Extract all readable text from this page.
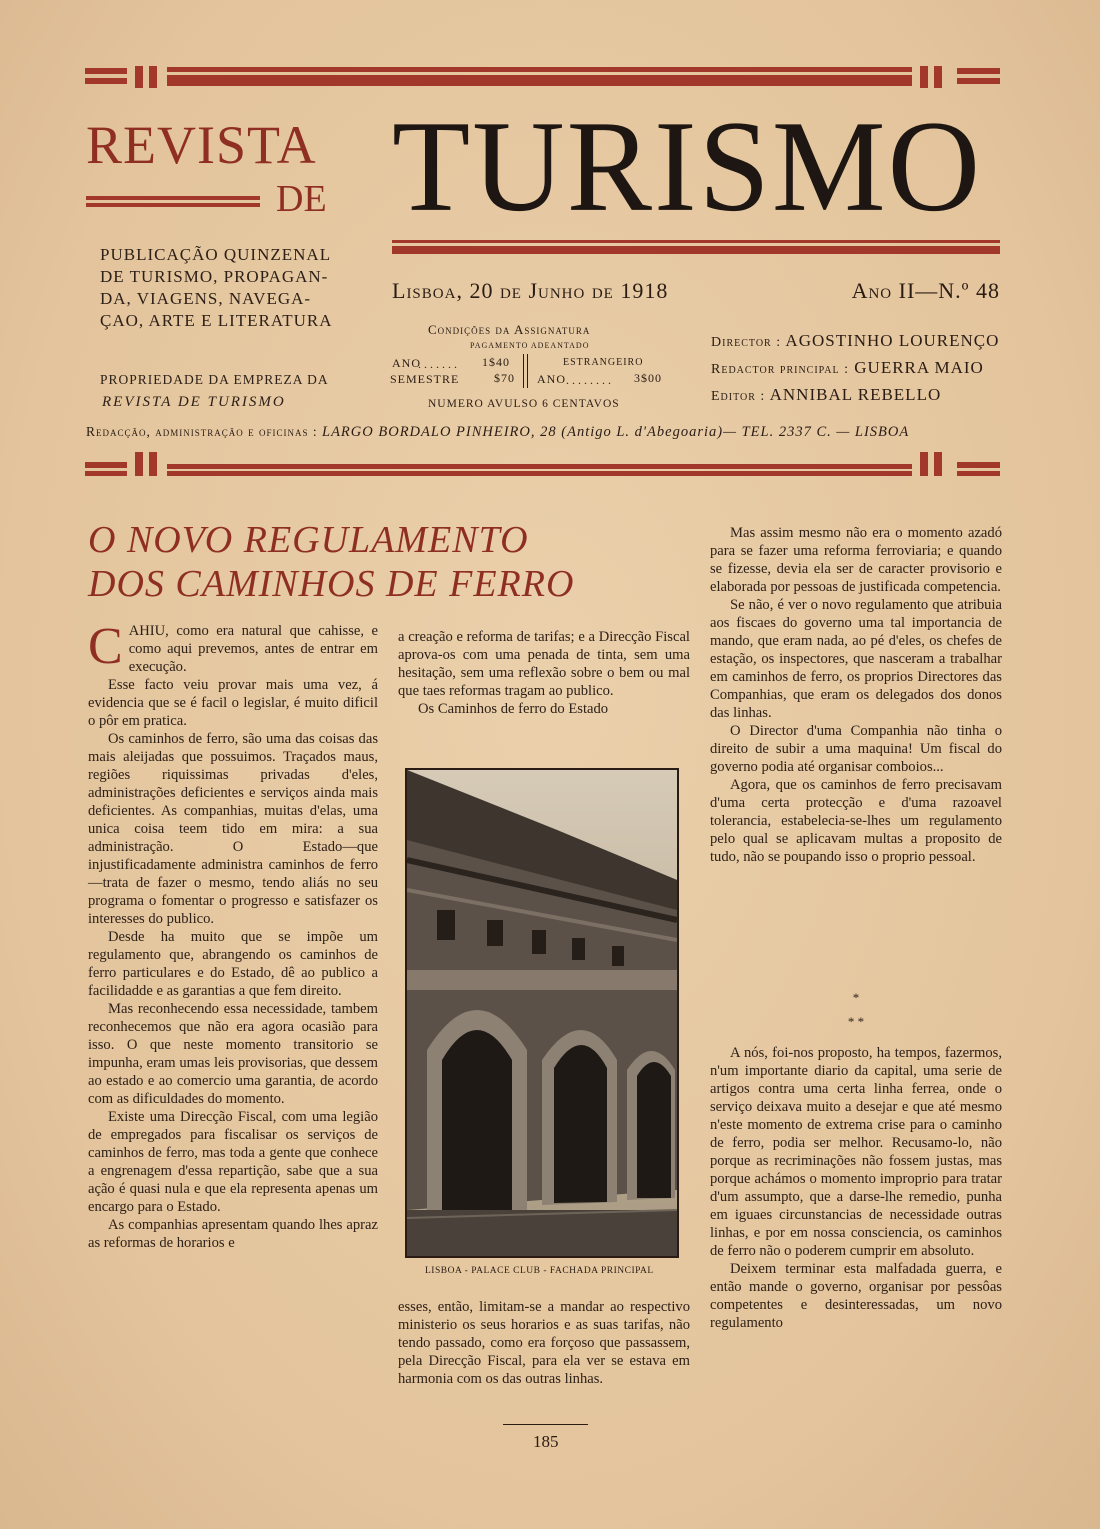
REVISTA
DE TURISMO
PUBLICAÇÃO QUINZENAL
DE TURISMO, PROPAGAN-
DA, VIAGENS, NAVEGA-
ÇAO, ARTE E LITERATURA
PROPRIEDADE DA EMPREZA DA
REVISTA DE TURISMO
Lisboa, 20 de Junho de 1918	Ano II—N.º 48
Condições da Assignatura
PAGAMENTO ADEANTADO
ANO
....... 1$40
SEMESTRE	$70
ESTRANGEIRO
ANO ........ 3$00
NUMERO AVULSO 6 CENTAVOS
Director : AGOSTINHO LOURENÇO
Redactor principal : GUERRA MAIO
Editor : ANNIBAL REBELLO
Redacção, administração e oficinas : LARGO BORDALO PINHEIRO, 28 (Antigo L. d'Abegoaria)— TEL. 2337 C. — LISBOA
O NOVO REGULAMENTO
DOS CAMINHOS DE FERRO
C AHIU, como era natural que cahisse, e como aqui prevemos, antes de entrar em execução.

Esse facto veiu provar mais uma vez, á evidencia que se é facil o legislar, é muito dificil o pôr em pratica.

Os caminhos de ferro, são uma das coisas das mais aleijadas que possuimos. Traçados maus, regiões riquissimas privadas d'eles, administrações deficientes e serviços ainda mais deficientes. As companhias, muitas d'elas, uma unica coisa teem tido em mira: a sua administração. O Estado—que injustificadamente administra caminhos de ferro—trata de fazer o mesmo, tendo aliás no seu programa o fomentar o progresso e satisfazer os interesses do publico.

Desde ha muito que se impõe um regulamento que, abrangendo os caminhos de ferro particulares e do Estado, dê ao publico a facilidadde e as garantias a que fem direito.

Mas reconhecendo essa necessidade, tambem reconhecemos que não era agora ocasião para isso. O que neste momento transitorio se impunha, eram umas leis provisorias, que dessem ao estado e ao comercio uma garantia, de acordo com as dificuldades do momento.

Existe uma Direcção Fiscal, com uma legião de empregados para fiscalisar os serviços de caminhos de ferro, mas toda a gente que conhece a engrenagem d'essa repartição, sabe que a sua ação é quasi nula e que ela representa apenas um encargo para o Estado.

As companhias apresentam quando lhes apraz as reformas de horarios e

a creação e reforma de tarifas; e a Direcção Fiscal aprova-os com uma penada de tinta, sem uma hesitação, sem uma reflexão sobre o bem ou mal que taes reformas tragam ao publico.

Os Caminhos de ferro do Estado

LISBOA - PALACE CLUB - FACHADA PRINCIPAL

esses, então, limitam-se a mandar ao respectivo ministerio os seus horarios e as suas tarifas, não tendo passado, como era forçoso que passassem, pela Direcção Fiscal, para ela ver se estava em harmonia com os das outras linhas.

Mas assim mesmo não era o momento azadó para se fazer uma reforma ferroviaria; e quando se fizesse, devia ela ser de caracter provisorio e elaborada por pessoas de justificada competencia.

Se não, é ver o novo regulamento que atribuia aos fiscaes do governo uma tal importancia de mando, que eram nada, ao pé d'eles, os chefes de estação, os inspectores, que nasceram a trabalhar em caminhos de ferro, os proprios Directores das Companhias, que eram os delegados dos donos das linhas.

O Director d'uma Companhia não tinha o direito de subir a uma maquina! Um fiscal do governo podia até organisar comboios...

Agora, que os caminhos de ferro precisavam d'uma certa protecção e d'uma razoavel tolerancia, estabelecia-se-lhes um regulamento pelo qual se aplicavam multas a proposito de tudo, não se poupando isso o proprio pessoal.

*
* *

A nós, foi-nos proposto, ha tempos, fazermos, n'um importante diario da capital, uma serie de artigos contra uma certa linha ferrea, onde o serviço deixava muito a desejar e que até mesmo n'este momento de extrema crise para o caminho de ferro, podia ser melhor. Recusamo-lo, não porque as recriminações não fossem justas, mas porque achámos o momento improprio para tratar d'um assumpto, que a darse-lhe remedio, punha em iguaes circunstancias de necessidade outras linhas, e por em nossa consciencia, os caminhos de ferro não o poderem cumprir em absoluto.

Deixem terminar esta malfadada guerra, e então mande o governo, organisar por pessôas competentes e desinteressadas, um novo regulamento

185
